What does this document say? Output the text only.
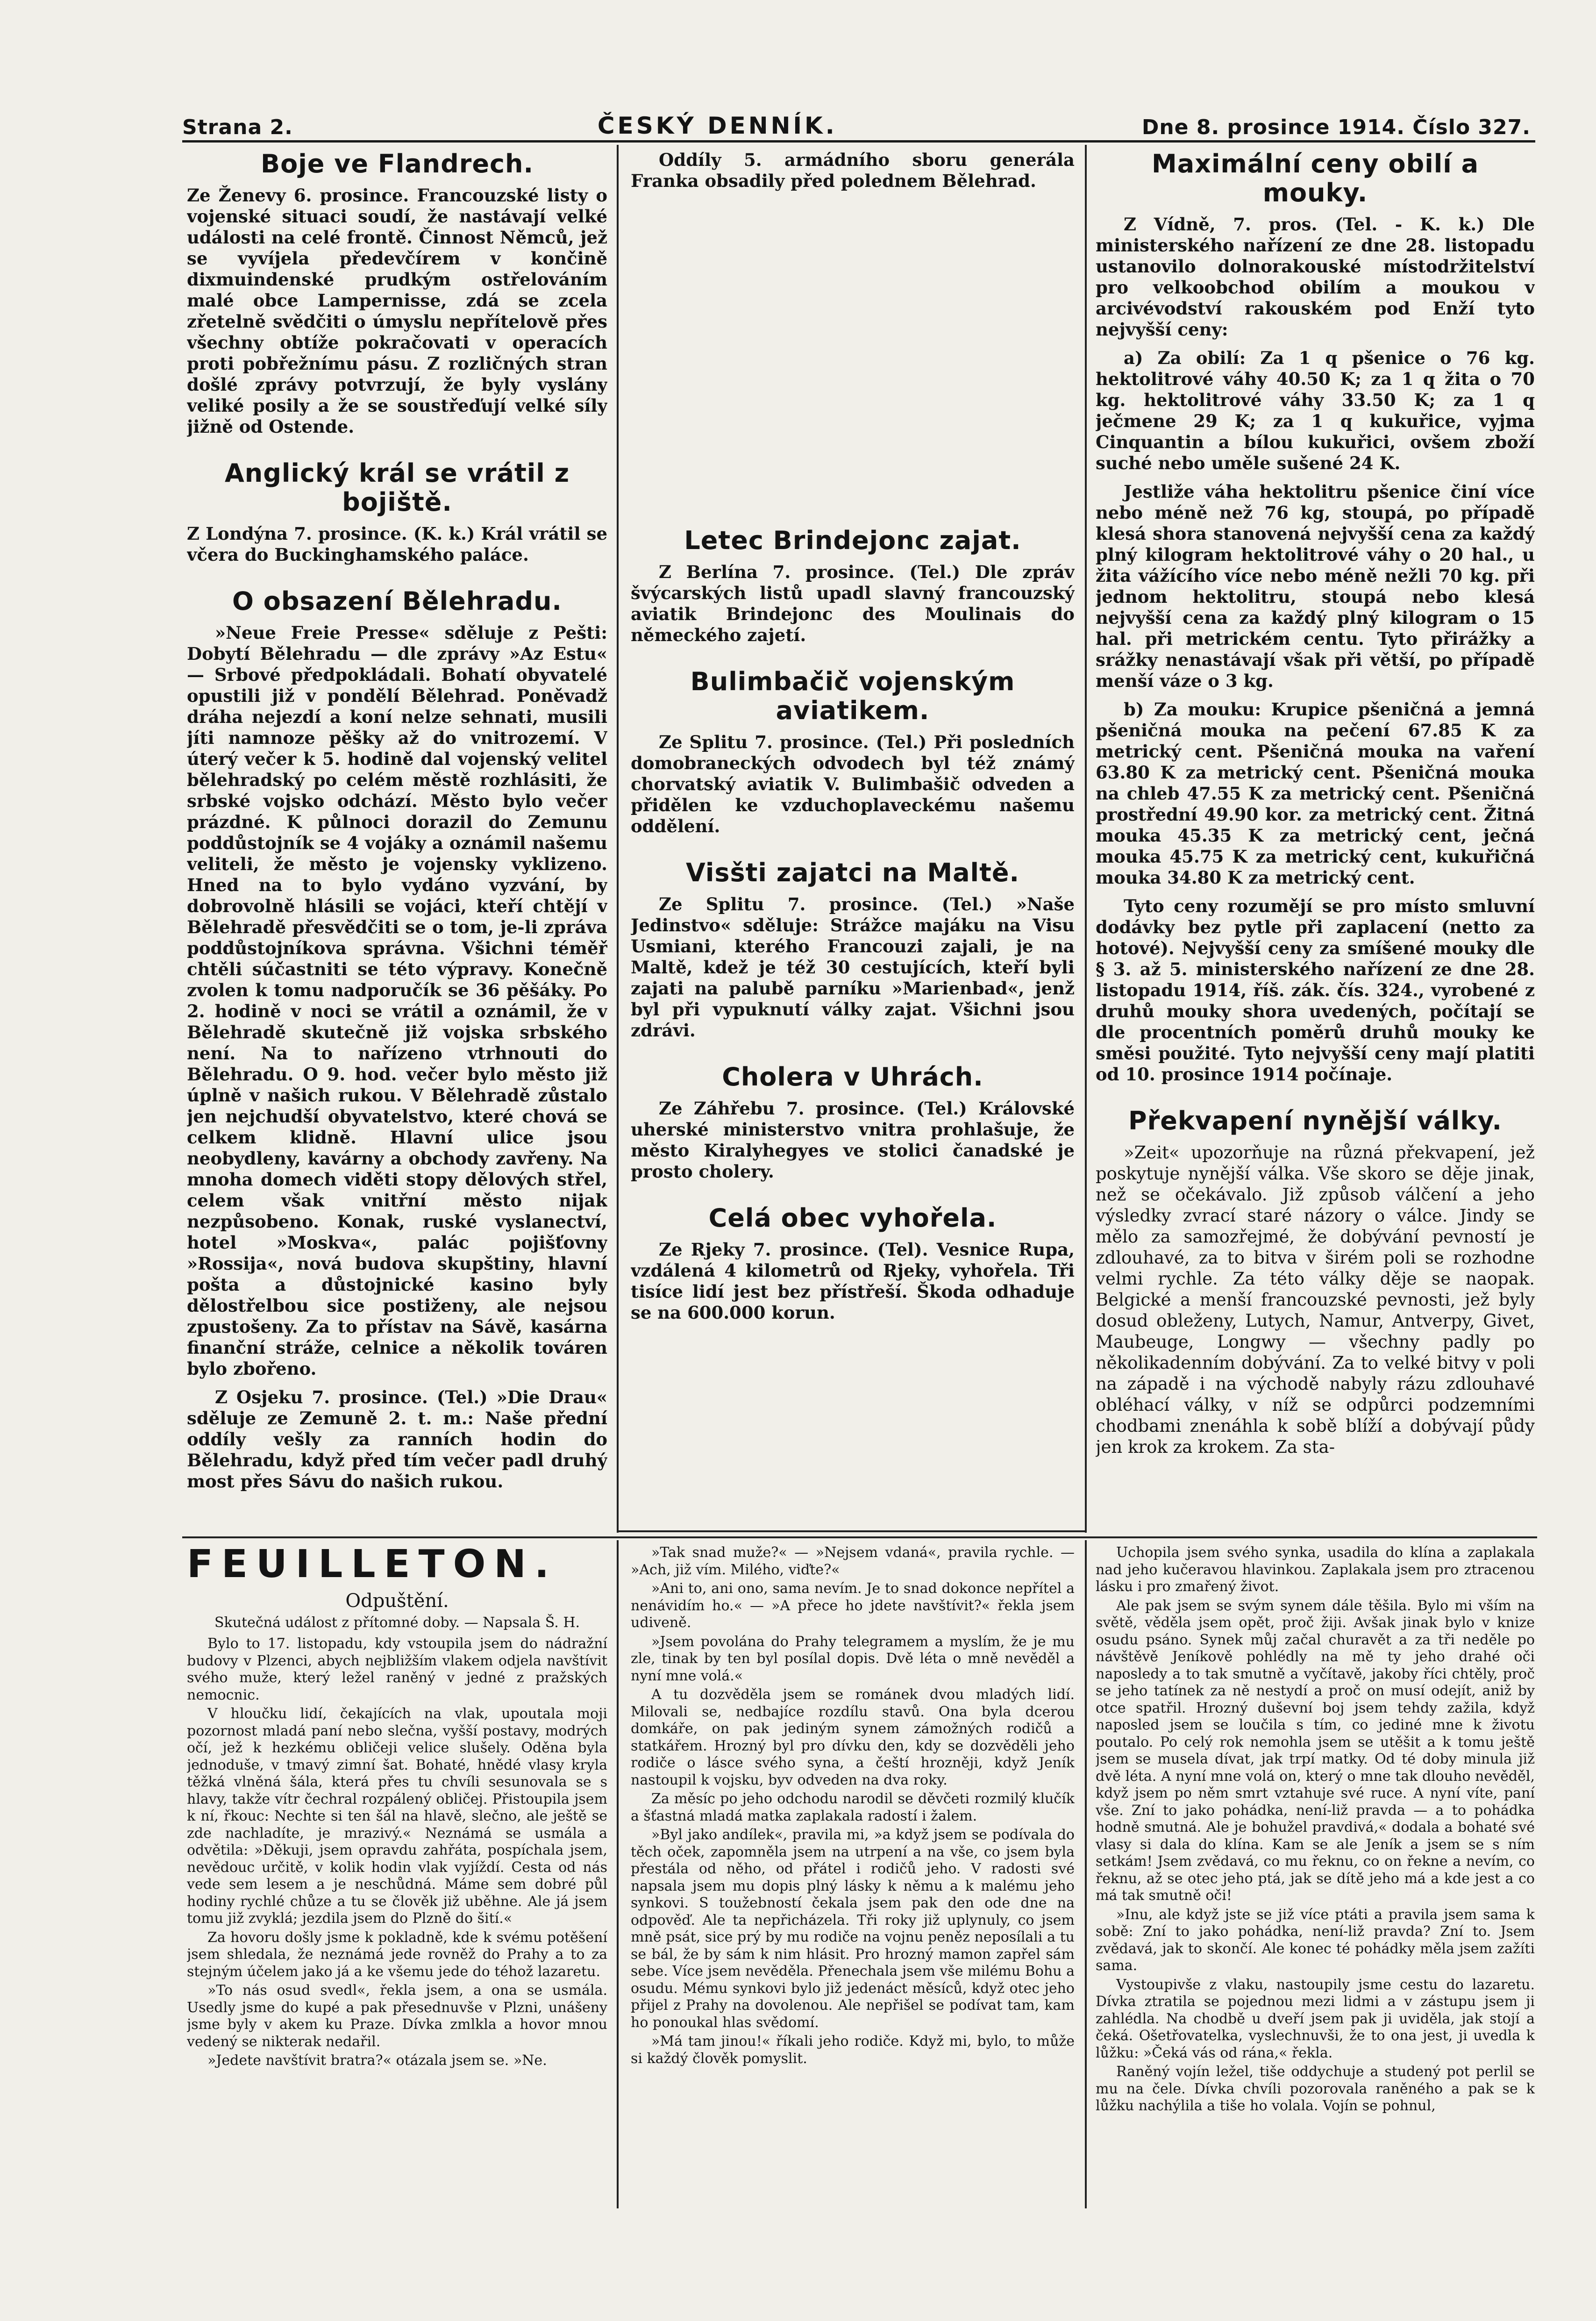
Strana 2.	ČESKÝ DENNÍK.	Dne 8. prosince 1914. Číslo 327.
Boje ve Flandrech.

Ze Ženevy 6. prosince. Francouzské listy o vojenské situaci soudí, že nastávají velké události na celé frontě. Činnost Němců, jež se vyvíjela předevčírem v končině dixmuindenské prudkým ostřelováním malé obce Lampernisse, zdá se zcela zřetelně svědčiti o úmyslu nepřítelově přes všechny obtíže pokračovati v operacích proti pobřežnímu pásu. Z rozličných stran došlé zprávy potvrzují, že byly vyslány veliké posily a že se soustřeďují velké síly jižně od Ostende.

Anglický král se vrátil z bojiště.

Z Londýna 7. prosince. (K. k.) Král vrátil se včera do Buckinghamského paláce.

O obsazení Bělehradu.

»Neue Freie Presse« sděluje z Pešti: Dobytí Bělehradu — dle zprávy »Az Estu« — Srbové předpokládali. Bohatí obyvatelé opustili již v pondělí Bělehrad. Poněvadž dráha nejezdí a koní nelze sehnati, musili jíti namnoze pěšky až do vnitrozemí. V úterý večer k 5. hodině dal vojenský velitel bělehradský po celém městě rozhlásiti, že srbské vojsko odchází. Město bylo večer prázdné. K půlnoci dorazil do Zemunu poddůstojník se 4 vojáky a oznámil našemu veliteli, že město je vojensky vyklizeno. Hned na to bylo vydáno vyzvání, by dobrovolně hlásili se vojáci, kteří chtějí v Bělehradě přesvědčiti se o tom, je-li zpráva poddůstojníkova správna. Všichni téměř chtěli súčastniti se této výpravy. Konečně zvolen k tomu nadporučík se 36 pěšáky. Po 2. hodině v noci se vrátil a oznámil, že v Bělehradě skutečně již vojska srbského není. Na to nařízeno vtrhnouti do Bělehradu. O 9. hod. večer bylo město již úplně v našich rukou. V Bělehradě zůstalo jen nejchudší obyvatelstvo, které chová se celkem klidně. Hlavní ulice jsou neobydleny, kavárny a obchody zavřeny. Na mnoha domech viděti stopy dělových střel, celem však vnitřní město nijak nezpůsobeno. Konak, ruské vyslanectví, hotel »Moskva«, palác pojišťovny »Rossija«, nová budova skupštiny, hlavní pošta a důstojnické kasino byly dělostřelbou sice postiženy, ale nejsou zpustošeny. Za to přístav na Sávě, kasárna finanční stráže, celnice a několik továren bylo zbořeno.

Z Osjeku 7. prosince. (Tel.) »Die Drau« sděluje ze Zemuně 2. t. m.: Naše přední oddíly vešly za ranních hodin do Bělehradu, když před tím večer padl druhý most přes Sávu do našich rukou.

Oddíly 5. armádního sboru generála Franka obsadily před polednem Bělehrad.

Letec Brindejonc zajat.

Z Berlína 7. prosince. (Tel.) Dle zpráv švýcarských listů upadl slavný francouzský aviatik Brindejonc des Moulinais do německého zajetí.

Bulimbačič vojenským aviatikem.

Ze Splitu 7. prosince. (Tel.) Při posledních domobraneckých odvodech byl též známý chorvatský aviatik V. Bulimbašič odveden a přidělen ke vzduchoplaveckému našemu oddělení.

Visšti zajatci na Maltě.

Ze Splitu 7. prosince. (Tel.) »Naše Jedinstvo« sděluje: Strážce majáku na Visu Usmiani, kterého Francouzi zajali, je na Maltě, kdež je též 30 cestujících, kteří byli zajati na palubě parníku »Marienbad«, jenž byl při vypuknutí války zajat. Všichni jsou zdrávi.

Cholera v Uhrách.

Ze Záhřebu 7. prosince. (Tel.) Královské uherské ministerstvo vnitra prohlašuje, že město Kiralyhegyes ve stolici čanadské je prosto cholery.

Celá obec vyhořela.

Ze Rjeky 7. prosince. (Tel). Vesnice Rupa, vzdálená 4 kilometrů od Rjeky, vyhořela. Tři tisíce lidí jest bez přístřeší. Škoda odhaduje se na 600.000 korun.

Maximální ceny obilí a mouky.

Z Vídně, 7. pros. (Tel. - K. k.) Dle ministerského nařízení ze dne 28. listopadu ustanovilo dolnorakouské místodržitelství pro velkoobchod obilím a moukou v arcivévodství rakouském pod Enží tyto nejvyšší ceny:

a) Za obilí: Za 1 q pšenice o 76 kg. hektolitrové váhy 40.50 K; za 1 q žita o 70 kg. hektolitrové váhy 33.50 K; za 1 q ječmene 29 K; za 1 q kukuřice, vyjma Cinquantin a bílou kukuřici, ovšem zboží suché nebo uměle sušené 24 K.

Jestliže váha hektolitru pšenice činí více nebo méně než 76 kg, stoupá, po případě klesá shora stanovená nejvyšší cena za každý plný kilogram hektolitrové váhy o 20 hal., u žita vážícího více nebo méně nežli 70 kg. při jednom hektolitru, stoupá nebo klesá nejvyšší cena za každý plný kilogram o 15 hal. při metrickém centu. Tyto přirážky a srážky nenastávají však při větší, po případě menší váze o 3 kg.

b) Za mouku: Krupice pšeničná a jemná pšeničná mouka na pečení 67.85 K za metrický cent. Pšeničná mouka na vaření 63.80 K za metrický cent. Pšeničná mouka na chleb 47.55 K za metrický cent. Pšeničná prostřední 49.90 kor. za metrický cent. Žitná mouka 45.35 K za metrický cent, ječná mouka 45.75 K za metrický cent, kukuřičná mouka 34.80 K za metrický cent.

Tyto ceny rozumějí se pro místo smluvní dodávky bez pytle při zaplacení (netto za hotové). Nejvyšší ceny za smíšené mouky dle § 3. až 5. ministerského nařízení ze dne 28. listopadu 1914, říš. zák. čís. 324., vyrobené z druhů mouky shora uvedených, počítají se dle procentních poměrů druhů mouky ke směsi použité. Tyto nejvyšší ceny mají platiti od 10. prosince 1914 počínaje.

Překvapení nynější války.

»Zeit« upozorňuje na různá překvapení, jež poskytuje nynější válka. Vše skoro se děje jinak, než se očekávalo. Již způsob válčení a jeho výsledky zvrací staré názory o válce. Jindy se mělo za samozřejmé, že dobývání pevností je zdlouhavé, za to bitva v širém poli se rozhodne velmi rychle. Za této války děje se naopak. Belgické a menší francouzské pevnosti, jež byly dosud obleženy, Lutych, Namur, Antverpy, Givet, Maubeuge, Longwy — všechny padly po několikadenním dobývání. Za to velké bitvy v poli na západě i na východě nabyly rázu zdlouhavé obléhací války, v níž se odpůrci podzemními chodbami znenáhla k sobě blíží a dobývají půdy jen krok za krokem. Za sta-

FEUILLETON.
Odpuštění.
Skutečná událost z přítomné doby. — Napsala Š. H.

Bylo to 17. listopadu, kdy vstoupila jsem do nádražní budovy v Plzenci, abych nejbližším vlakem odjela navštívit svého muže, který ležel raněný v jedné z pražských nemocnic.

V hloučku lidí, čekajících na vlak, upoutala moji pozornost mladá paní nebo slečna, vyšší postavy, modrých očí, jež k hezkému obličeji velice slušely. Oděna byla jednoduše, v tmavý zimní šat. Bohaté, hnědé vlasy kryla těžká vlněná šála, která přes tu chvíli sesunovala se s hlavy, takže vítr čechral rozpálený obličej. Přistoupila jsem k ní, řkouc: Nechte si ten šál na hlavě, slečno, ale ještě se zde nachladíte, je mrazivý.« Neznámá se usmála a odvětila: »Děkuji, jsem opravdu zahřáta, pospíchala jsem, nevědouc určitě, v kolik hodin vlak vyjíždí. Cesta od nás vede sem lesem a je neschůdná. Máme sem dobré půl hodiny rychlé chůze a tu se člověk již uběhne. Ale já jsem tomu již zvyklá; jezdila jsem do Plzně do šití.«

Za hovoru došly jsme k pokladně, kde k svému potěšení jsem shledala, že neznámá jede rovněž do Prahy a to za stejným účelem jako já a ke všemu jede do téhož lazaretu.

»To nás osud svedl«, řekla jsem, a ona se usmála. Usedly jsme do kupé a pak přesednuvše v Plzni, unášeny jsme byly v akem ku Praze. Dívka zmlkla a hovor mnou vedený se nikterak nedařil.

»Jedete navštívit bratra?« otázala jsem se. »Ne.

»Tak snad muže?« — »Nejsem vdaná«, pravila rychle. — »Ach, již vím. Milého, viďte?«

»Ani to, ani ono, sama nevím. Je to snad dokonce nepřítel a nenávidím ho.« — »A přece ho jdete navštívit?« řekla jsem udiveně.

»Jsem povolána do Prahy telegramem a myslím, že je mu zle, tinak by ten byl posílal dopis. Dvě léta o mně nevěděl a nyní mne volá.«

A tu dozvěděla jsem se románek dvou mladých lidí. Milovali se, nedbajíce rozdílu stavů. Ona byla dcerou domkáře, on pak jediným synem zámožných rodičů a statkářem. Hrozný byl pro dívku den, kdy se dozvěděli jeho rodiče o lásce svého syna, a čeští hrozněji, když Jeník nastoupil k vojsku, byv odveden na dva roky.

Za měsíc po jeho odchodu narodil se děvčeti rozmilý klučík a šťastná mladá matka zaplakala radostí i žalem.

»Byl jako andílek«, pravila mi, »a když jsem se podívala do těch oček, zapomněla jsem na utrpení a na vše, co jsem byla přestála od něho, od přátel i rodičů jeho. V radosti své napsala jsem mu dopis plný lásky k němu a k malému jeho synkovi. S toužebností čekala jsem pak den ode dne na odpověď. Ale ta nepřicházela. Tři roky již uplynuly, co jsem mně psát, sice prý by mu rodiče na vojnu peněz neposílali a tu se bál, že by sám k nim hlásit. Pro hrozný mamon zapřel sám sebe. Více jsem nevěděla. Přenechala jsem vše milému Bohu a osudu. Mému synkovi bylo již jedenáct měsíců, když otec jeho přijel z Prahy na dovolenou. Ale nepřišel se podívat tam, kam ho ponoukal hlas svědomí.

»Má tam jinou!« říkali jeho rodiče. Když mi, bylo, to může si každý člověk pomyslit.

Uchopila jsem svého synka, usadila do klína a zaplakala nad jeho kučeravou hlavinkou. Zaplakala jsem pro ztracenou lásku i pro zmařený život.

Ale pak jsem se svým synem dále těšila. Bylo mi vším na světě, věděla jsem opět, proč žiji. Avšak jinak bylo v knize osudu psáno. Synek můj začal churavět a za tři neděle po návštěvě Jeníkově pohlédly na mě ty jeho drahé oči naposledy a to tak smutně a vyčítavě, jakoby říci chtěly, proč se jeho tatínek za ně nestydí a proč on musí odejít, aniž by otce spatřil. Hrozný duševní boj jsem tehdy zažila, když naposled jsem se loučila s tím, co jediné mne k životu poutalo. Po celý rok nemohla jsem se utěšit a k tomu ještě jsem se musela dívat, jak trpí matky. Od té doby minula již dvě léta. A nyní mne volá on, který o mne tak dlouho nevěděl, když jsem po něm smrt vztahuje své ruce. A nyní víte, paní vše. Zní to jako pohádka, není-liž pravda — a to pohádka hodně smutná. Ale je bohužel pravdivá,« dodala a bohaté své vlasy si dala do klína. Kam se ale Jeník a jsem se s ním setkám! Jsem zvědavá, co mu řeknu, co on řekne a nevím, co řeknu, až se otec jeho ptá, jak se dítě jeho má a kde jest a co má tak smutně oči!

»Inu, ale když jste se již více ptáti a pravila jsem sama k sobě: Zní to jako pohádka, není-liž pravda? Zní to. Jsem zvědavá, jak to skončí. Ale konec té pohádky měla jsem zažíti sama.

Vystoupivše z vlaku, nastoupily jsme cestu do lazaretu. Dívka ztratila se pojednou mezi lidmi a v zástupu jsem ji zahlédla. Na chodbě u dveří jsem pak ji uviděla, jak stojí a čeká. Ošetřovatelka, vyslechnuvši, že to ona jest, ji uvedla k lůžku: »Čeká vás od rána,« řekla.

Raněný vojín ležel, tiše oddychuje a studený pot perlil se mu na čele. Dívka chvíli pozorovala raněného a pak se k lůžku nachýlila a tiše ho volala. Vojín se pohnul,
